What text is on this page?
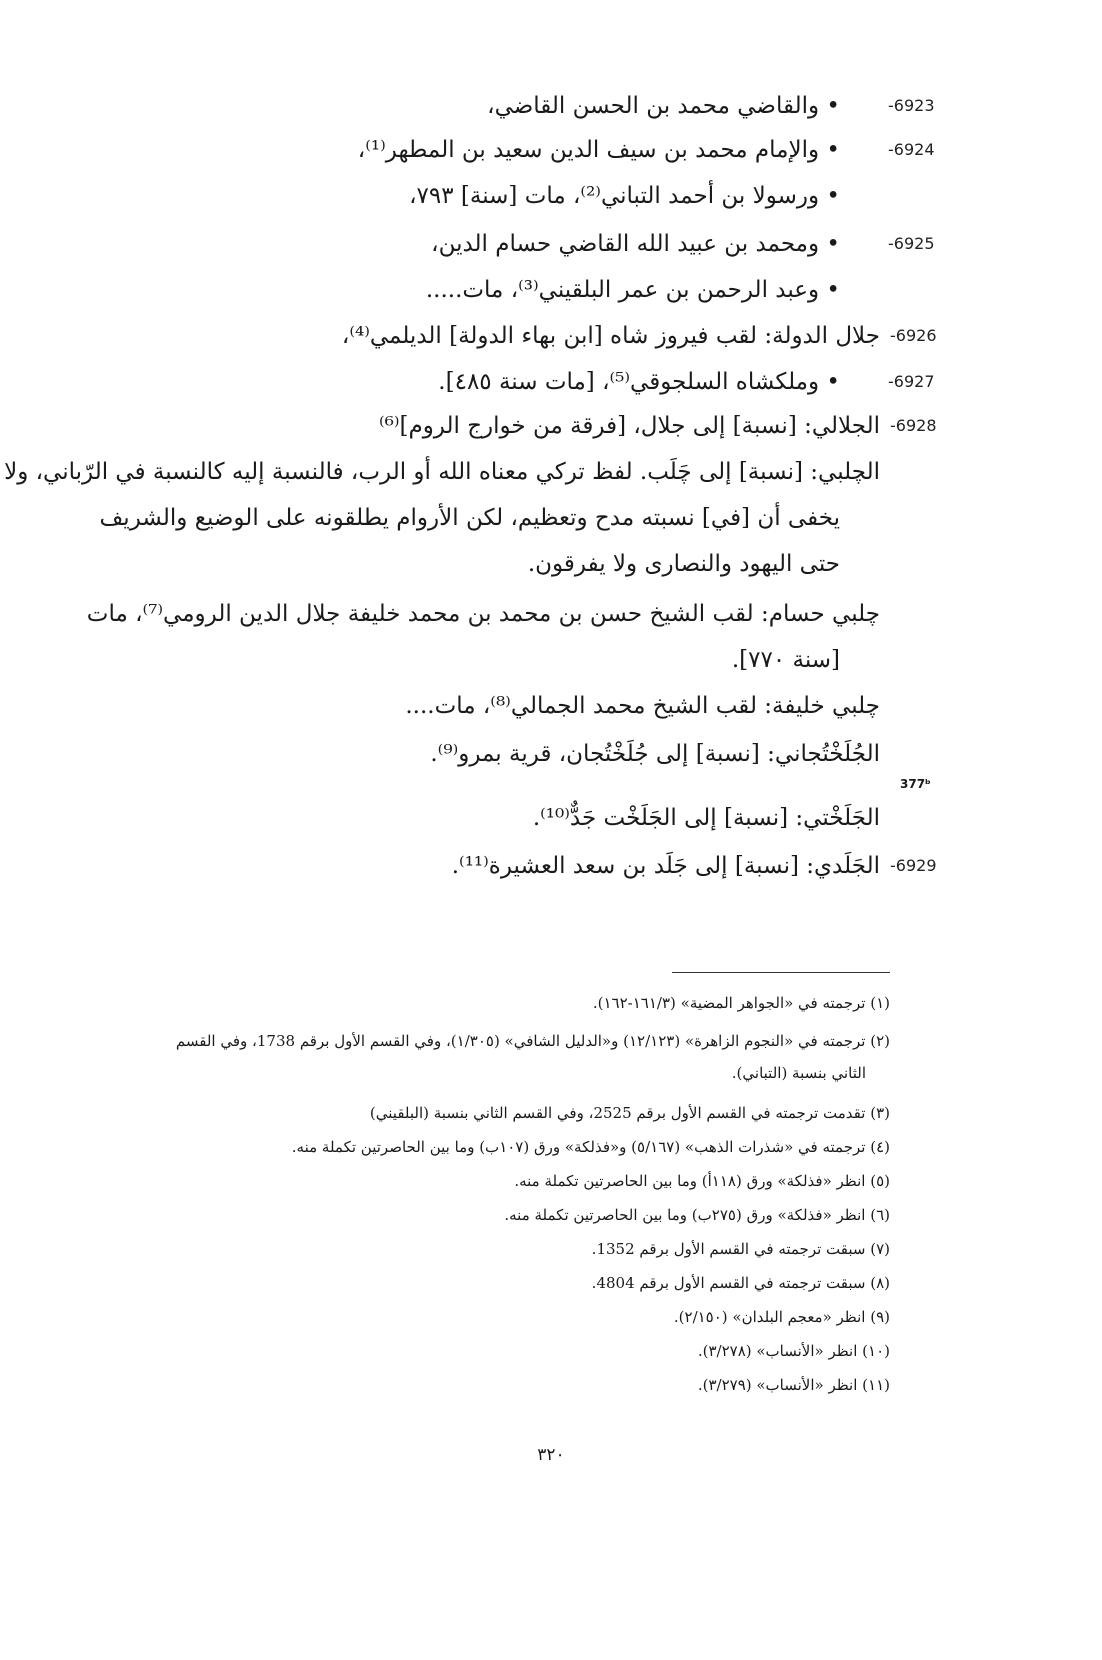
-6923
• والقاضي محمد بن الحسن القاضي،
-6924
• والإمام محمد بن سيف الدين سعيد بن المطهر⁽¹⁾،
• ورسولا بن أحمد التباني⁽²⁾، مات [سنة] ٧٩٣،
-6925
• ومحمد بن عبيد الله القاضي حسام الدين،
• وعبد الرحمن بن عمر البلقيني⁽³⁾، مات.....
-6926
جلال الدولة: لقب فيروز شاه [ابن بهاء الدولة] الديلمي⁽⁴⁾،
-6927
• وملكشاه السلجوقي⁽⁵⁾، [مات سنة ٤٨٥].
-6928
الجلالي: [نسبة] إلى جلال، [فرقة من خوارج الروم]⁽⁶⁾
الچلبي: [نسبة] إلى چَلَب. لفظ تركي معناه الله أو الرب، فالنسبة إليه كالنسبة في الرّباني، ولا
يخفى أن [في] نسبته مدح وتعظيم، لكن الأروام يطلقونه على الوضيع والشريف
حتى اليهود والنصارى ولا يفرقون.
چلبي حسام: لقب الشيخ حسن بن محمد بن محمد خليفة جلال الدين الرومي⁽⁷⁾، مات
[سنة ٧٧٠].
چلبي خليفة: لقب الشيخ محمد الجمالي⁽⁸⁾، مات....
الجُلَخْتُجاني: [نسبة] إلى جُلَخْتُجان، قرية بمرو⁽⁹⁾.
377ᵇ
الجَلَخْتي: [نسبة] إلى الجَلَخْت جَدٌّ⁽¹⁰⁾.
-6929
الجَلَدي: [نسبة] إلى جَلَد بن سعد العشيرة⁽¹¹⁾.
(١) ترجمته في «الجواهر المضية» (١٦١/٣-١٦٢).
(٢) ترجمته في «النجوم الزاهرة» (١٢/١٢٣) و«الدليل الشافي» (١/٣٠٥)، وفي القسم الأول برقم 1738، وفي القسم
الثاني بنسبة (التباني).
(٣) تقدمت ترجمته في القسم الأول برقم 2525، وفي القسم الثاني بنسبة (البلقيني)
(٤) ترجمته في «شذرات الذهب» (٥/١٦٧) و«فذلكة» ورق (١٠٧ب) وما بين الحاصرتين تكملة منه.
(٥) انظر «فذلكة» ورق (١١٨أ) وما بين الحاصرتين تكملة منه.
(٦) انظر «فذلكة» ورق (٢٧٥ب) وما بين الحاصرتين تكملة منه.
(٧) سبقت ترجمته في القسم الأول برقم 1352.
(٨) سبقت ترجمته في القسم الأول برقم 4804.
(٩) انظر «معجم البلدان» (٢/١٥٠).
(١٠) انظر «الأنساب» (٣/٢٧٨).
(١١) انظر «الأنساب» (٣/٢٧٩).
٣٢٠
